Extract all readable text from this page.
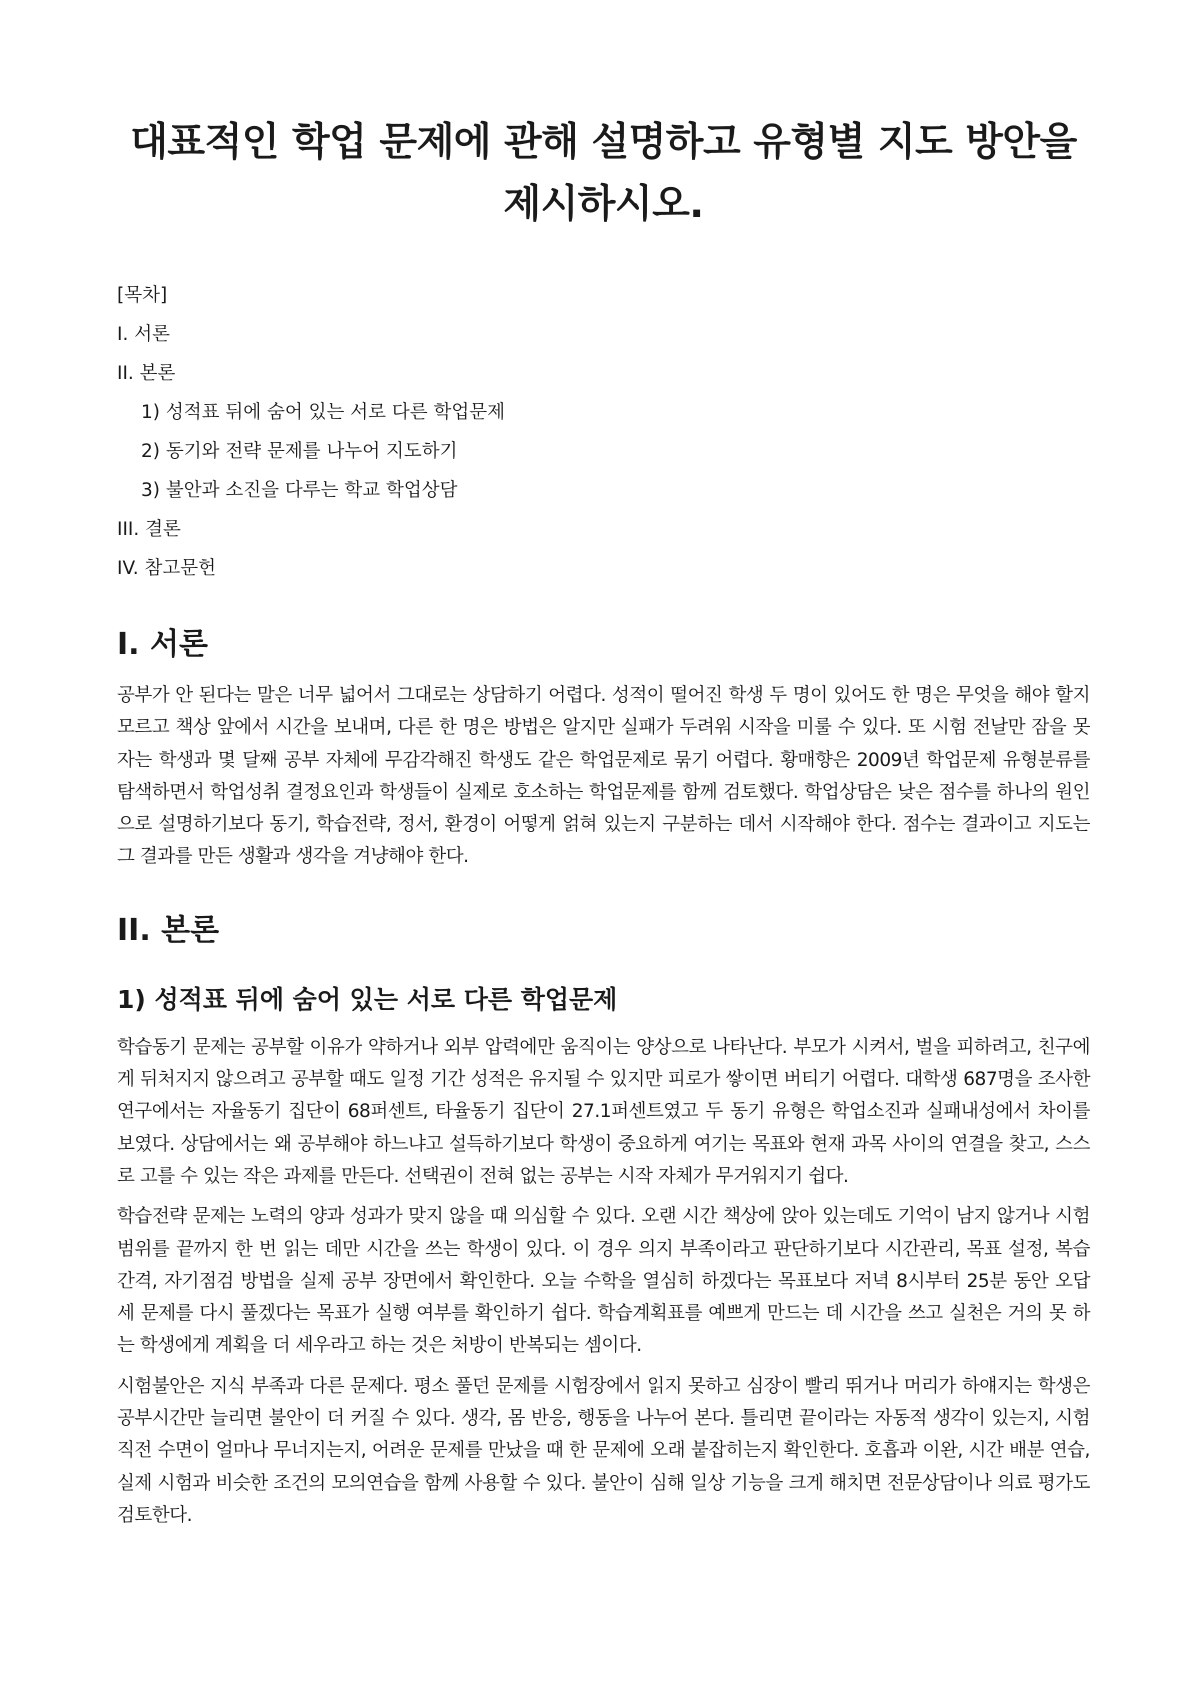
대표적인 학업 문제에 관해 설명하고 유형별 지도 방안을 제시하시오.
[목차]
I. 서론
II. 본론
1) 성적표 뒤에 숨어 있는 서로 다른 학업문제
2) 동기와 전략 문제를 나누어 지도하기
3) 불안과 소진을 다루는 학교 학업상담
III. 결론
IV. 참고문헌
I. 서론

공부가 안 된다는 말은 너무 넓어서 그대로는 상담하기 어렵다. 성적이 떨어진 학생 두 명이 있어도 한 명은 무엇을 해야 할지 모르고 책상 앞에서 시간을 보내며, 다른 한 명은 방법은 알지만 실패가 두려워 시작을 미룰 수 있다. 또 시험 전날만 잠을 못 자는 학생과 몇 달째 공부 자체에 무감각해진 학생도 같은 학업문제로 묶기 어렵다. 황매향은 2009년 학업문제 유형분류를 탐색하면서 학업성취 결정요인과 학생들이 실제로 호소하는 학업문제를 함께 검토했다. 학업상담은 낮은 점수를 하나의 원인으로 설명하기보다 동기, 학습전략, 정서, 환경이 어떻게 얽혀 있는지 구분하는 데서 시작해야 한다. 점수는 결과이고 지도는 그 결과를 만든 생활과 생각을 겨냥해야 한다.

II. 본론
1) 성적표 뒤에 숨어 있는 서로 다른 학업문제

학습동기 문제는 공부할 이유가 약하거나 외부 압력에만 움직이는 양상으로 나타난다. 부모가 시켜서, 벌을 피하려고, 친구에게 뒤처지지 않으려고 공부할 때도 일정 기간 성적은 유지될 수 있지만 피로가 쌓이면 버티기 어렵다. 대학생 687명을 조사한 연구에서는 자율동기 집단이 68퍼센트, 타율동기 집단이 27.1퍼센트였고 두 동기 유형은 학업소진과 실패내성에서 차이를 보였다. 상담에서는 왜 공부해야 하느냐고 설득하기보다 학생이 중요하게 여기는 목표와 현재 과목 사이의 연결을 찾고, 스스로 고를 수 있는 작은 과제를 만든다. 선택권이 전혀 없는 공부는 시작 자체가 무거워지기 쉽다.

학습전략 문제는 노력의 양과 성과가 맞지 않을 때 의심할 수 있다. 오랜 시간 책상에 앉아 있는데도 기억이 남지 않거나 시험 범위를 끝까지 한 번 읽는 데만 시간을 쓰는 학생이 있다. 이 경우 의지 부족이라고 판단하기보다 시간관리, 목표 설정, 복습 간격, 자기점검 방법을 실제 공부 장면에서 확인한다. 오늘 수학을 열심히 하겠다는 목표보다 저녁 8시부터 25분 동안 오답 세 문제를 다시 풀겠다는 목표가 실행 여부를 확인하기 쉽다. 학습계획표를 예쁘게 만드는 데 시간을 쓰고 실천은 거의 못 하는 학생에게 계획을 더 세우라고 하는 것은 처방이 반복되는 셈이다.

시험불안은 지식 부족과 다른 문제다. 평소 풀던 문제를 시험장에서 읽지 못하고 심장이 빨리 뛰거나 머리가 하얘지는 학생은 공부시간만 늘리면 불안이 더 커질 수 있다. 생각, 몸 반응, 행동을 나누어 본다. 틀리면 끝이라는 자동적 생각이 있는지, 시험 직전 수면이 얼마나 무너지는지, 어려운 문제를 만났을 때 한 문제에 오래 붙잡히는지 확인한다. 호흡과 이완, 시간 배분 연습, 실제 시험과 비슷한 조건의 모의연습을 함께 사용할 수 있다. 불안이 심해 일상 기능을 크게 해치면 전문상담이나 의료 평가도 검토한다.
